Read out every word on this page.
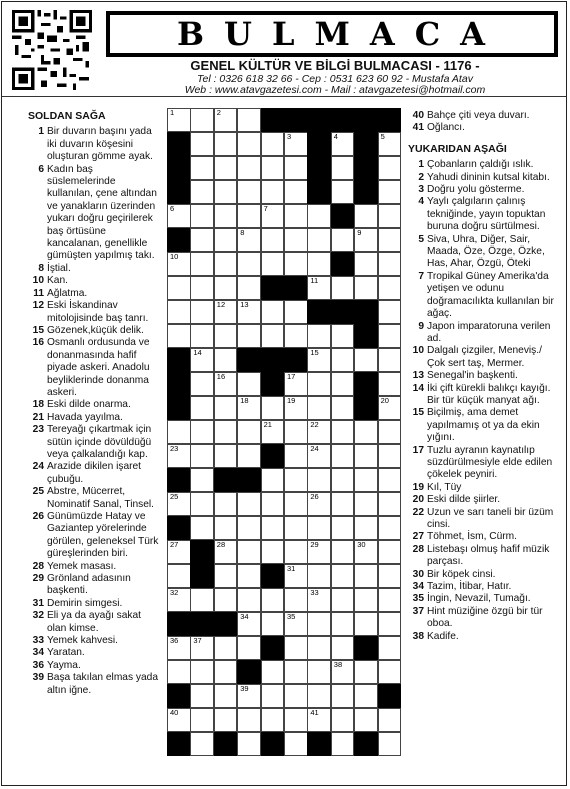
BULMACA
GENEL KÜLTÜR VE BİLGİ BULMACASI - 1176 -
Tel : 0326 618 32 66 - Cep : 0531 623 60 92 - Mustafa Atav
Web : www.atavgazetesi.com - Mail : atavgazetesi@hotmail.com
SOLDAN SAĞA
1 Bir duvarın başını yada iki duvarın köşesini oluşturan gömme ayak.
6 Kadın baş süslemelerinde kullanılan, çene altından ve yanakların üzerinden yukarı doğru geçirilerek baş örtüsüne kancalanan, genellikle gümüşten yapılmış takı.
8 İştial.
10 Kan.
11 Ağlatma.
12 Eski İskandinav mitolojisinde baş tanrı.
15 Gözenek,küçük delik.
16 Osmanlı ordusunda ve donanmasında hafif piyade askeri. Anadolu beyliklerinde donanma askeri.
18 Eski dilde onarma.
21 Havada yayılma.
23 Tereyağı çıkartmak için sütün içinde dövüldüğü veya çalkalandığı kap.
24 Arazide dikilen işaret çubuğu.
25 Abstre, Mücerret, Nominatif Sanal, Tinsel.
26 Günümüzde Hatay ve Gaziantep yörelerinde görülen, geleneksel Türk güreşlerinden biri.
28 Yemek masası.
29 Grönland adasının başkenti.
31 Demirin simgesi.
32 Eli ya da ayağı sakat olan kimse.
33 Yemek kahvesi.
34 Yaratan.
36 Yayma.
39 Başa takılan elmas yada altın iğne.
1	2
3	4	5
6	7
8	9
10
11
12 13
14	15
16	17
18	19	20
21	22
23	24
25	26
27	28	29	30
31
32	33
34	35
36 37
38
39
40	41
40 Bahçe çiti veya duvarı.
41 Oğlancı.
YUKARIDAN AŞAĞI
1 Çobanların çaldığı ıslık.
2 Yahudi dininin kutsal kitabı.
3 Doğru yolu gösterme.
4 Yaylı çalgıların çalınış tekniğinde, yayın topuktan buruna doğru sürtülmesi.
5 Siva, Uhra, Diğer, Sair, Maada, Öze, Özge, Özke, Has, Ahar, Özgü, Öteki
7 Tropikal Güney Amerika'da yetişen ve odunu doğramacılıkta kullanılan bir ağaç.
9 Japon imparatoruna verilen ad.
10 Dalgalı çizgiler, Meneviş./ Çok sert taş, Mermer.
13 Senegal'in başkenti.
14 İki çift kürekli balıkçı kayığı. Bir tür küçük manyat ağı.
15 Biçilmiş, ama demet yapılmamış ot ya da ekin yığını.
17 Tuzlu ayranın kaynatılıp süzdürülmesiyle elde edilen çökelek peyniri.
19 Kıl, Tüy
20 Eski dilde şiirler.
22 Uzun ve sarı taneli bir üzüm cinsi.
27 Töhmet, İsm, Cürm.
28 Listebaşı olmuş hafif müzik parçası.
30 Bir köpek cinsi.
34 Tazim, İtibar, Hatır.
35 İngin, Nevazil, Tumağı.
37 Hint müziğine özgü bir tür oboa.
38 Kadife.
